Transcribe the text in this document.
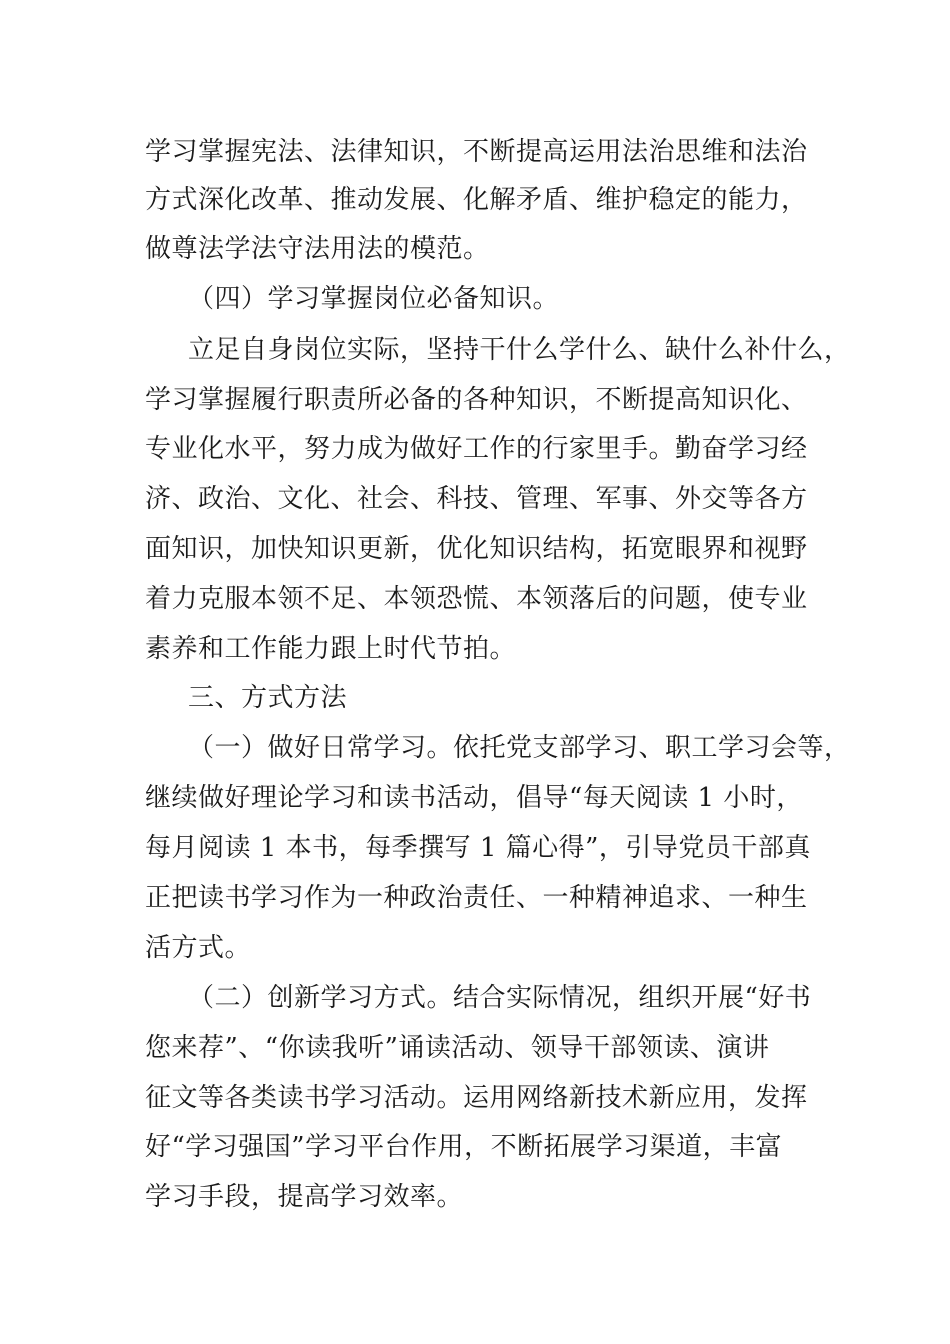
学习掌握宪法、法律知识，不断提高运用法治思维和法治
方式深化改革、推动发展、化解矛盾、维护稳定的能力，
做尊法学法守法用法的模范。
（四）学习掌握岗位必备知识。
立足自身岗位实际，坚持干什么学什么、缺什么补什么，
学习掌握履行职责所必备的各种知识，不断提高知识化、
专业化水平，努力成为做好工作的行家里手。勤奋学习经
济、政治、文化、社会、科技、管理、军事、外交等各方
面知识，加快知识更新，优化知识结构，拓宽眼界和视野
着力克服本领不足、本领恐慌、本领落后的问题，使专业
素养和工作能力跟上时代节拍。
三、方式方法
（一）做好日常学习。依托党支部学习、职工学习会等，
继续做好理论学习和读书活动，倡导“每天阅读 1 小时，
每月阅读 1 本书，每季撰写 1 篇心得”，引导党员干部真
正把读书学习作为一种政治责任、一种精神追求、一种生
活方式。
（二）创新学习方式。结合实际情况，组织开展“好书
您来荐”、“你读我听”诵读活动、领导干部领读、演讲
征文等各类读书学习活动。运用网络新技术新应用，发挥
好“学习强国”学习平台作用，不断拓展学习渠道，丰富
学习手段，提高学习效率。
